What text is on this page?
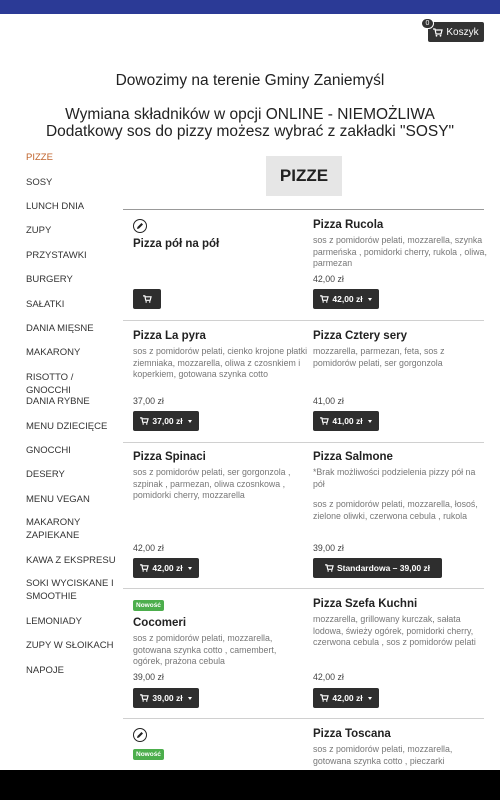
Koszyk
0
Dowozimy na terenie Gminy Zaniemyśl
Wymiana składników w opcji ONLINE - NIEMOŻLIWA
Dodatkowy sos do pizzy możesz wybrać z zakładki "SOSY"
PIZZE
SOSY
LUNCH DNIA
ZUPY
PRZYSTAWKI
BURGERY
SAŁATKI
DANIA MIĘSNE
MAKARONY
RISOTTO / GNOCCHI
DANIA RYBNE
MENU DZIECIĘCE
GNOCCHI
DESERY
MENU VEGAN
MAKARONY ZAPIEKANE
KAWA Z EKSPRESU
SOKI WYCISKANE I SMOOTHIE
LEMONIADY
ZUPY W SŁOIKACH
NAPOJE
PIZZE
Pizza pół na pół
Pizza Rucola
sos z pomidorów pelati, mozzarella, szynka parmeńska , pomidorki cherry, rukola , oliwa, parmezan
42,00 zł
42,00 zł
Pizza La pyra
sos z pomidorów pelati, cienko krojone płatki ziemniaka, mozzarella, oliwa z czosnkiem i koperkiem, gotowana szynka cotto
37,00 zł
37,00 zł
Pizza Cztery sery
mozzarella, parmezan, feta, sos z pomidorów pelati, ser gorgonzola
41,00 zł
41,00 zł
Pizza Spinaci
sos z pomidorów pelati, ser gorgonzola , szpinak , parmezan, oliwa czosnkowa , pomidorki cherry, mozzarella
42,00 zł
42,00 zł
Pizza Salmone
*Brak możliwości podzielenia pizzy pół na pół
sos z pomidorów pelati, mozzarella, łosoś, zielone oliwki, czerwona cebula , rukola
39,00 zł
Standardowa – 39,00 zł
Nowość
Cocomeri
sos z pomidorów pelati, mozzarella, gotowana szynka cotto , camembert, ogórek, prażona cebula
39,00 zł
39,00 zł
Pizza Szefa Kuchni
mozzarella, grillowany kurczak, sałata lodowa, świeży ogórek, pomidorki cherry, czerwona cebula , sos z pomidorów pelati
42,00 zł
42,00 zł
Nowość
Pizza Toscana
sos z pomidorów pelati, mozzarella, gotowana szynka cotto , pieczarki
